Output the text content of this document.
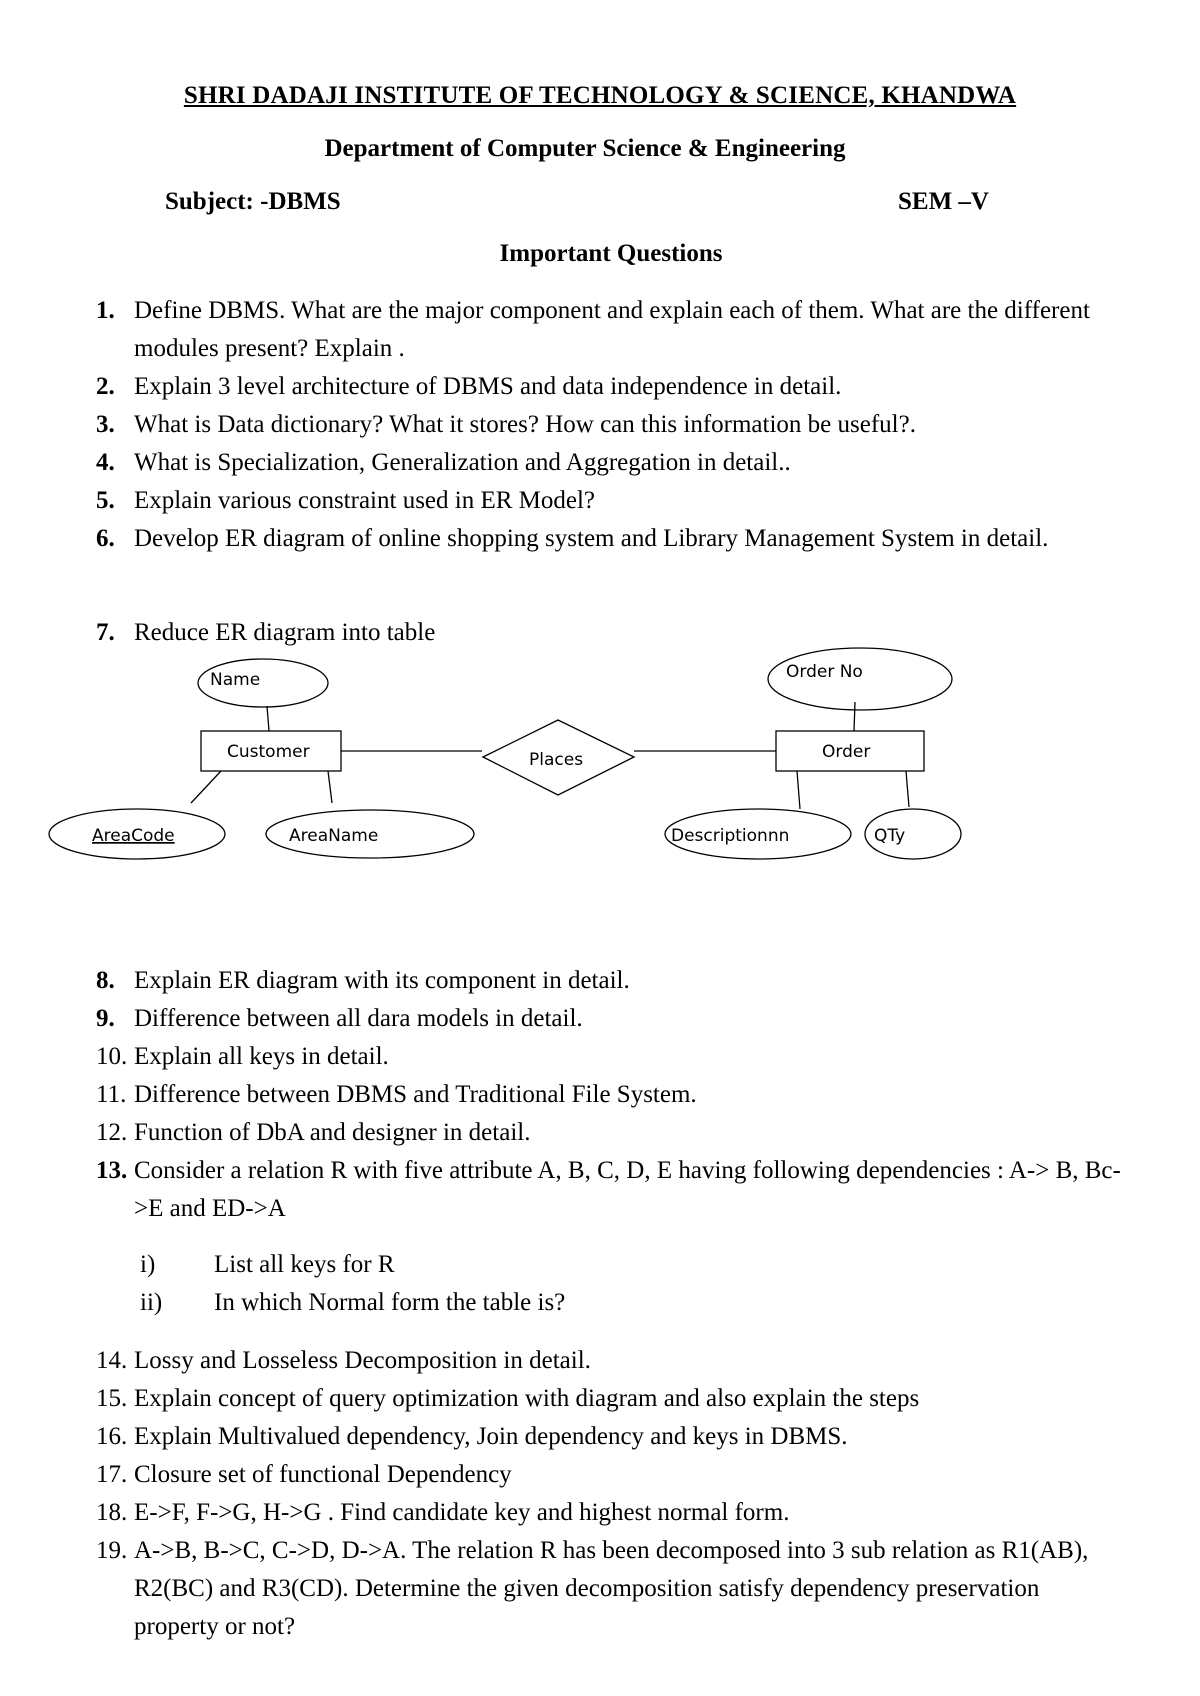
SHRI DADAJI INSTITUTE OF TECHNOLOGY & SCIENCE, KHANDWA
Department of Computer Science & Engineering
Subject: -DBMS	SEM –V
Important Questions
1. Define DBMS. What are the major component and explain each of them. What are the different modules present? Explain .
2. Explain 3 level architecture of DBMS and data independence in detail.
3. What is Data dictionary? What it stores? How can this information be useful?.
4. What is Specialization, Generalization and Aggregation in detail..
5. Explain various constraint used in ER Model?
6. Develop ER diagram of online shopping system and Library Management System in detail.
7. Reduce ER diagram into table
Name
AreaCode	AreaName
Order No
Descriptionnn	QTy
Customer	Order
Places
8. Explain ER diagram with its component in detail.
9. Difference between all dara models in detail.
10. Explain all keys in detail.
11. Difference between DBMS and Traditional File System.
12. Function of DbA and designer in detail.
13. Consider a relation R with five attribute A, B, C, D, E having following dependencies : A-> B, Bc->E and ED->A
i) List all keys for R
ii) In which Normal form the table is?
14. Lossy and Losseless Decomposition in detail.
15. Explain concept of query optimization with diagram and also explain the steps
16. Explain Multivalued dependency, Join dependency and keys in DBMS.
17. Closure set of functional Dependency
18. E->F, F->G, H->G . Find candidate key and highest normal form.
19. A->B, B->C, C->D, D->A. The relation R has been decomposed into 3 sub relation as R1(AB), R2(BC) and R3(CD). Determine the given decomposition satisfy dependency preservation property or not?
